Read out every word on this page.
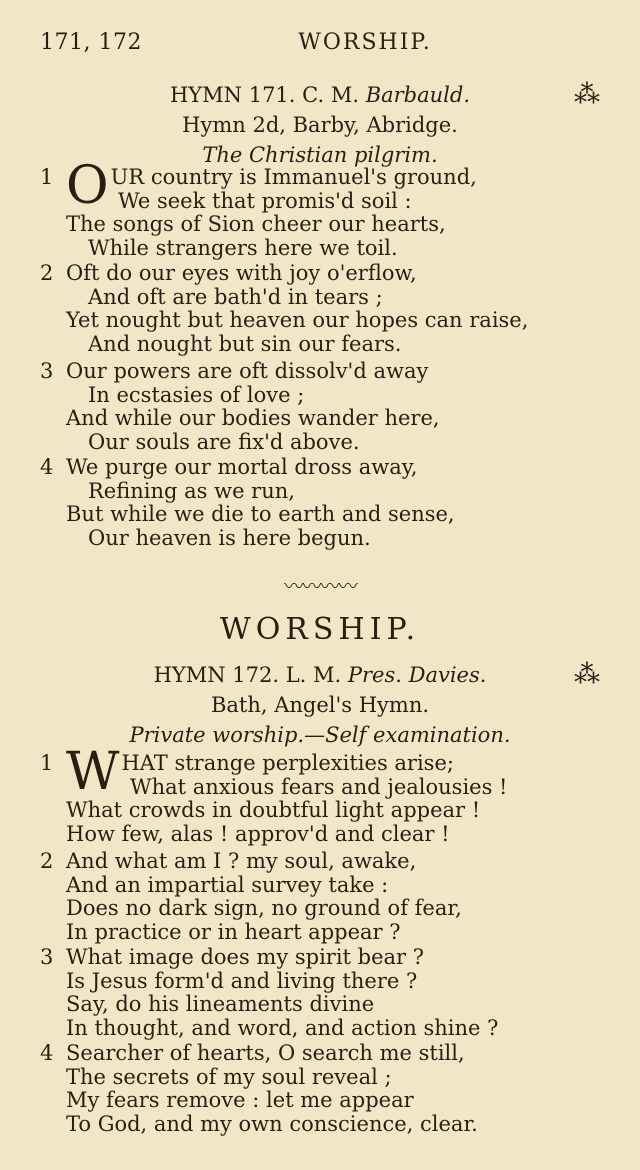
171, 172	WORSHIP.
HYMN 171. C. M. Barbauld.
Hymn 2d, Barby, Abridge.
The Christian pilgrim.
⁂
1 OUR country is Immanuel's ground,
We seek that promis'd soil :
The songs of Sion cheer our hearts,
While strangers here we toil.
2 Oft do our eyes with joy o'erflow,
And oft are bath'd in tears ;
Yet nought but heaven our hopes can raise,
And nought but sin our fears.
3 Our powers are oft dissolv'd away
In ecstasies of love ;
And while our bodies wander here,
Our souls are fix'd above.
4 We purge our mortal dross away,
Refining as we run,
But while we die to earth and sense,
Our heaven is here begun.
〰〰〰〰
WORSHIP.
HYMN 172. L. M. Pres. Davies.
Bath, Angel's Hymn.
Private worship.—Self examination.
⁂
1 WHAT strange perplexities arise;
What anxious fears and jealousies !
What crowds in doubtful light appear !
How few, alas ! approv'd and clear !
2 And what am I ? my soul, awake,
And an impartial survey take :
Does no dark sign, no ground of fear,
In practice or in heart appear ?
3 What image does my spirit bear ?
Is Jesus form'd and living there ?
Say, do his lineaments divine
In thought, and word, and action shine ?
4 Searcher of hearts, O search me still,
The secrets of my soul reveal ;
My fears remove : let me appear
To God, and my own conscience, clear.
